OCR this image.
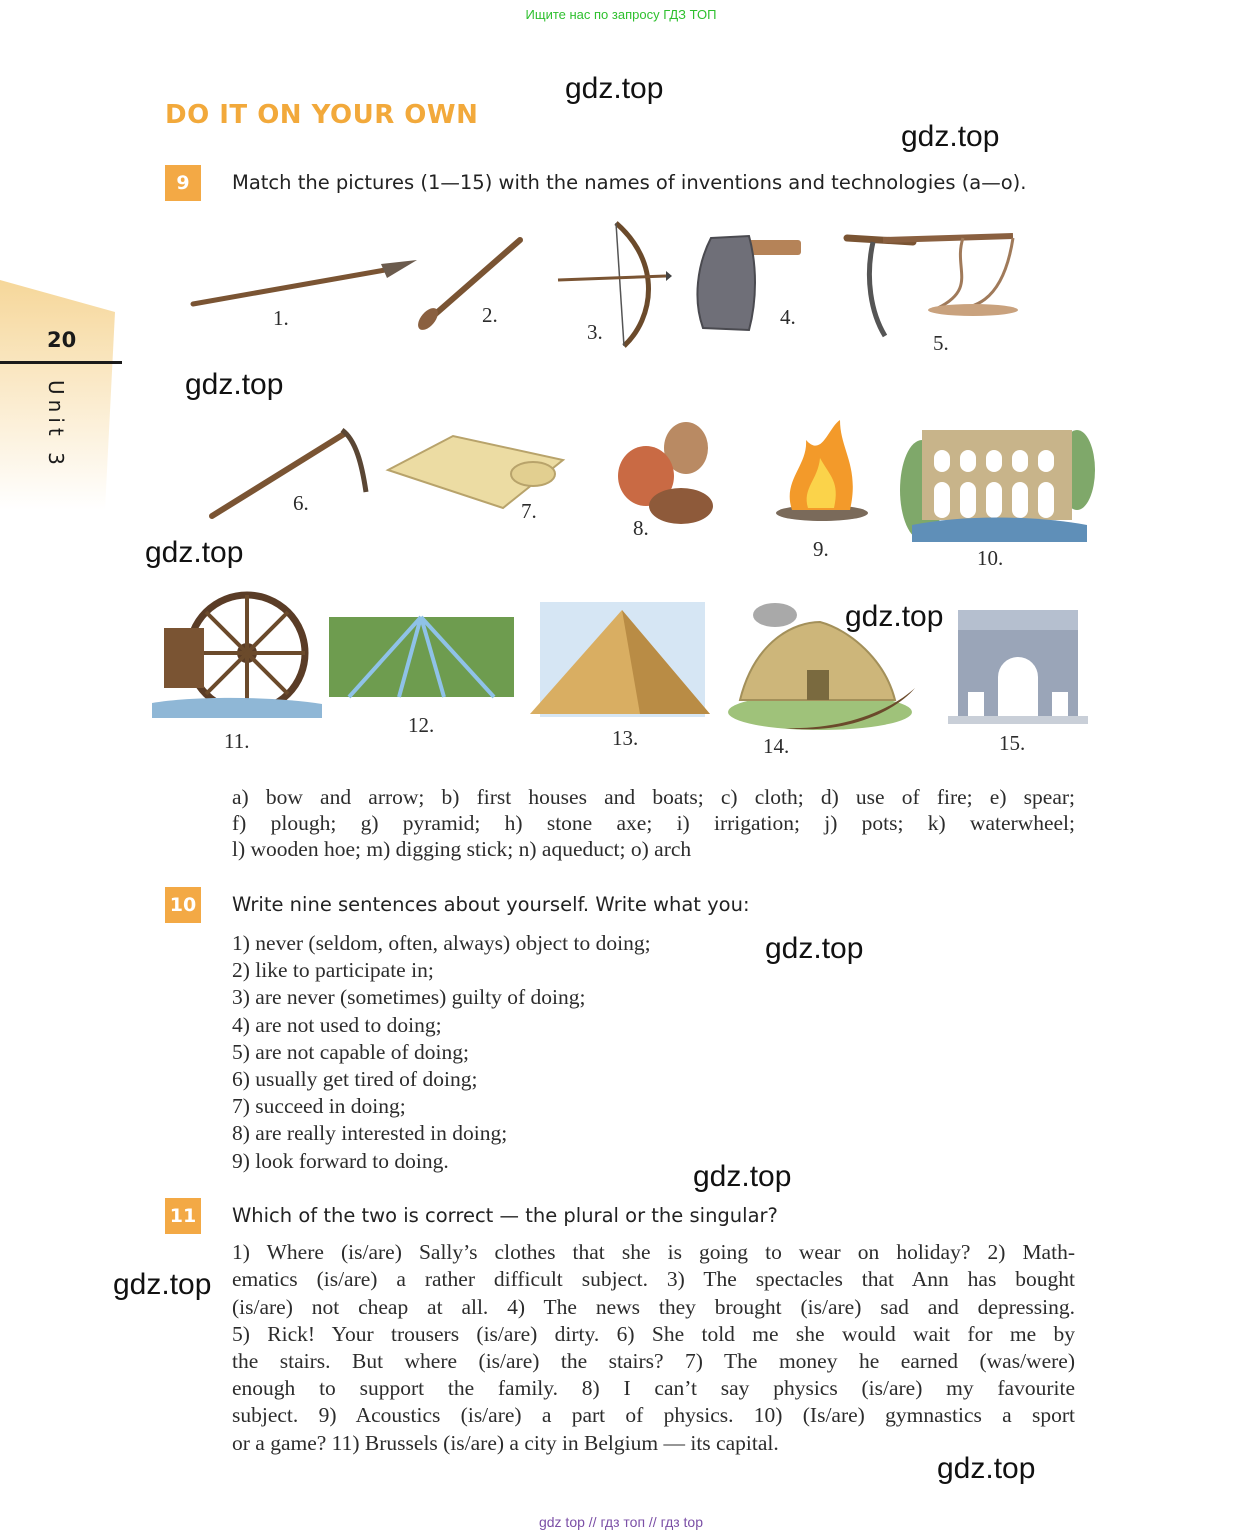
Ищите нас по запросу ГДЗ ТОП
20
Unit 3
DO IT ON YOUR OWN
9	Match the pictures (1—15) with the names of inventions and technologies (a—o).
1.	2.
3.
4.
5.
6.	7.
8.
9.	10.
11.
12.
13.	14.	15.
a) bow and arrow; b) first houses and boats; c) cloth; d) use of fire; e) spear;
f) plough; g) pyramid; h) stone axe; i) irrigation; j) pots; k) waterwheel;
l) wooden hoe; m) digging stick; n) aqueduct; o) arch
10 Write nine sentences about yourself. Write what you:
1) never (seldom, often, always) object to doing;
2) like to participate in;
3) are never (sometimes) guilty of doing;
4) are not used to doing;
5) are not capable of doing;
6) usually get tired of doing;
7) succeed in doing;
8) are really interested in doing;
9) look forward to doing.
11 Which of the two is correct — the plural or the singular?
1) Where (is/are) Sally’s clothes that she is going to wear on holiday? 2) Math-
ematics (is/are) a rather difficult subject. 3) The spectacles that Ann has bought
(is/are) not cheap at all. 4) The news they brought (is/are) sad and depressing.
5) Rick! Your trousers (is/are) dirty. 6) She told me she would wait for me by
the stairs. But where (is/are) the stairs? 7) The money he earned (was/were)
enough to support the family. 8) I can’t say physics (is/are) my favourite
subject. 9) Acoustics (is/are) a part of physics. 10) (Is/are) gymnastics a sport
or a game? 11) Brussels (is/are) a city in Belgium — its capital.
gdz.top
gdz.top
gdz.top
gdz.top
gdz.top
gdz.top
gdz.top
gdz.top
gdz.top
gdz top // гдз топ // гдз top
